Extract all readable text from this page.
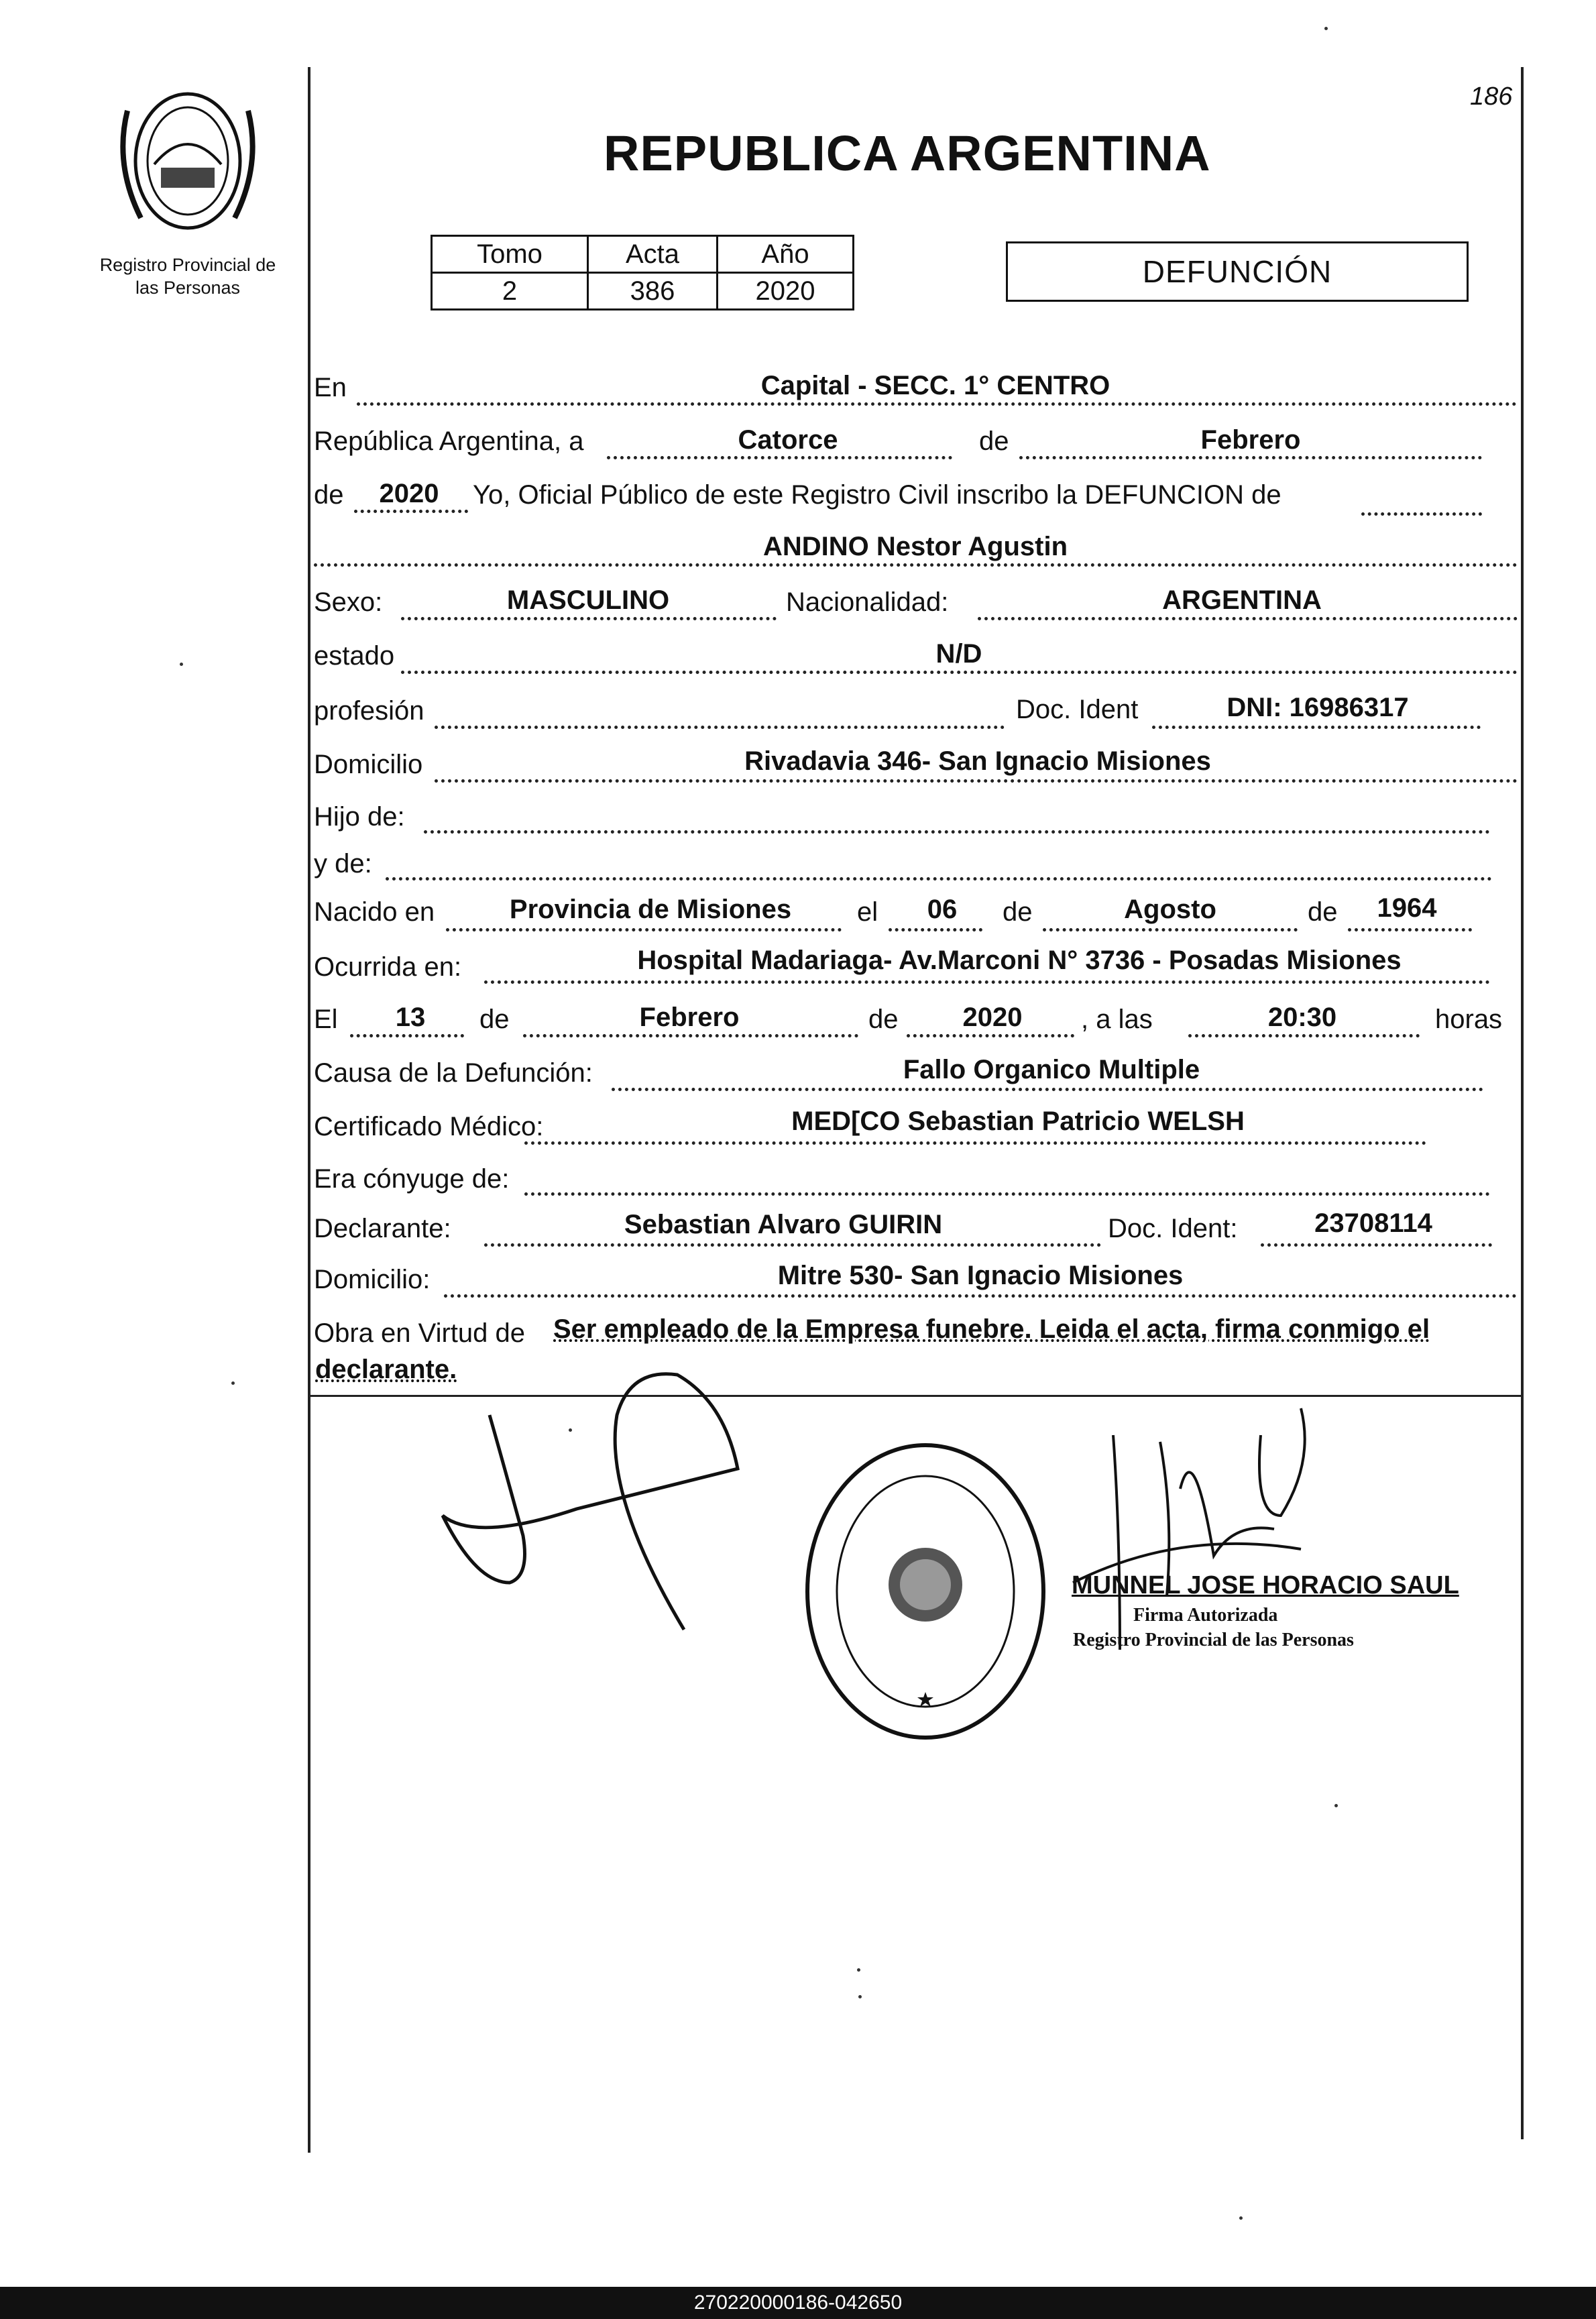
Registro Provincial de
las Personas
186
REPUBLICA ARGENTINA
Tomo	Acta	Año
2	386	2020
DEFUNCIÓN
En	Capital - SECC. 1° CENTRO
República Argentina, a	Catorce	de	Febrero
de 2020 Yo, Oficial Público de este Registro Civil inscribo la DEFUNCION de
ANDINO Nestor Agustin
Sexo:	MASCULINO	Nacionalidad:	ARGENTINA
estado	N/D
profesión	Doc. Ident	DNI: 16986317
Domicilio	Rivadavia 346- San Ignacio Misiones
Hijo de:
y de:
Nacido en	Provincia de Misiones el 06 de	Agosto	de 1964
Ocurrida en:	Hospital Madariaga- Av.Marconi N° 3736 - Posadas Misiones
El 13 de	Febrero	de 2020 , a las	20:30	horas
Causa de la Defunción:	Fallo Organico Multiple
Certificado Médico:	MED[CO Sebastian Patricio WELSH
Era cónyuge de:
Declarante:	Sebastian Alvaro GUIRIN	Doc. Ident:	23708114
Domicilio:	Mitre 530- San Ignacio Misiones
Obra en Virtud de Ser empleado de la Empresa funebre. Leida el acta, firma conmigo el
declarante.
MUNNEL JOSE HORACIO SAUL
Firma Autorizada
Registro Provincial de las Personas
270220000186-042650
